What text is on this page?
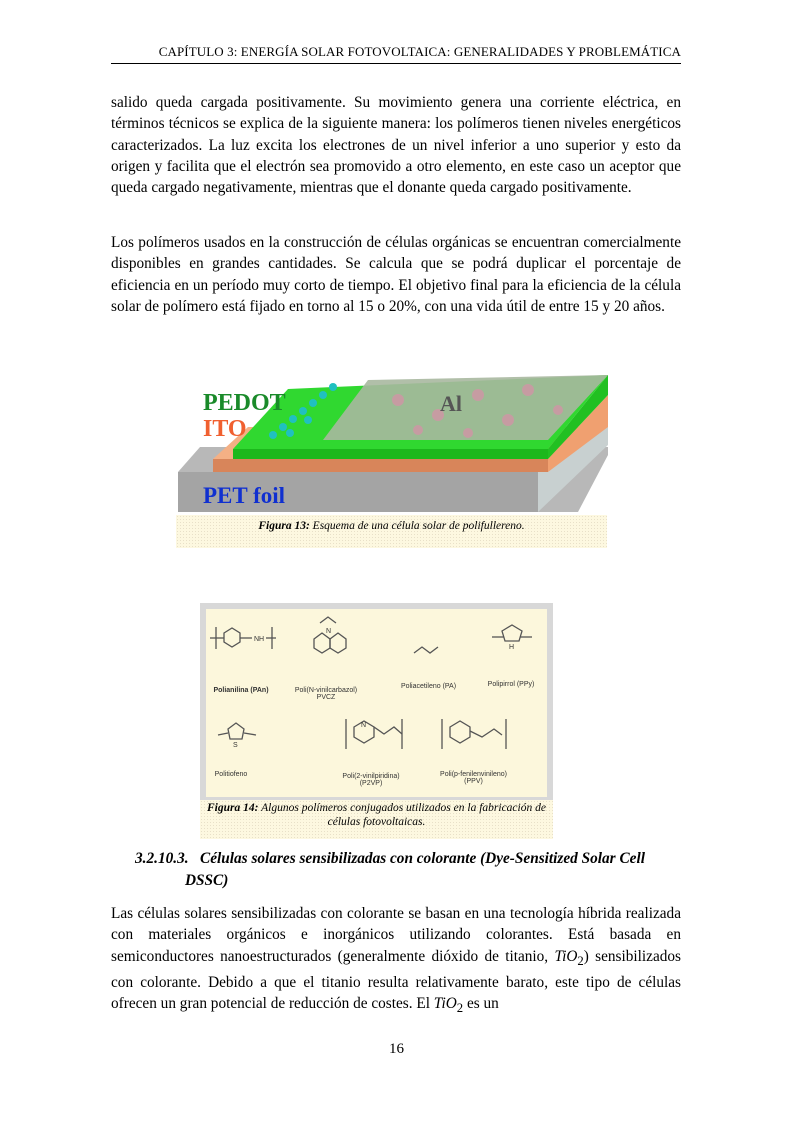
CAPÍTULO 3: ENERGÍA SOLAR FOTOVOLTAICA: GENERALIDADES Y PROBLEMÁTICA
salido queda cargada positivamente. Su movimiento genera una corriente eléctrica, en términos técnicos se explica de la siguiente manera: los polímeros tienen niveles energéticos caracterizados. La luz excita los electrones de un nivel inferior a uno superior y esto da origen y facilita que el electrón sea promovido a otro elemento, en este caso un aceptor que queda cargado negativamente, mientras que el donante queda cargado positivamente.
Los polímeros usados en la construcción de células orgánicas se encuentran comercialmente disponibles en grandes cantidades. Se calcula que se podrá duplicar el porcentaje de eficiencia en un período muy corto de tiempo. El objetivo final para la eficiencia de la célula solar de polímero está fijado en torno al 15 o 20%, con una vida útil de entre 15 y 20 años.
PEDOT
ITO
Al
PET foil
Figura 13: Esquema de una célula solar de polifullereno.
NH
N
H
S
N
Polianilina (PAn)	Poli(N-vinilcarbazol)
PVCZ
Poliacetileno (PA)	Polipirrol (PPy)
Politiofeno	Poli(2-vinilpiridina)
(P2VP)
Poli(p-fenilenvinileno)
(PPV)
Figura 14: Algunos polímeros conjugados utilizados en la fabricación de células fotovoltaicas.
3.2.10.3. Células solares sensibilizadas con colorante (Dye-Sensitized Solar Cell
DSSC)
Las células solares sensibilizadas con colorante se basan en una tecnología híbrida realizada con materiales orgánicos e inorgánicos utilizando colorantes. Está basada en semiconductores nanoestructurados (generalmente dióxido de titanio, TiO$_2$) sensibilizados con colorante. Debido a que el titanio resulta relativamente barato, este tipo de células ofrecen un gran potencial de reducción de costes. El TiO$_2$ es un
16
